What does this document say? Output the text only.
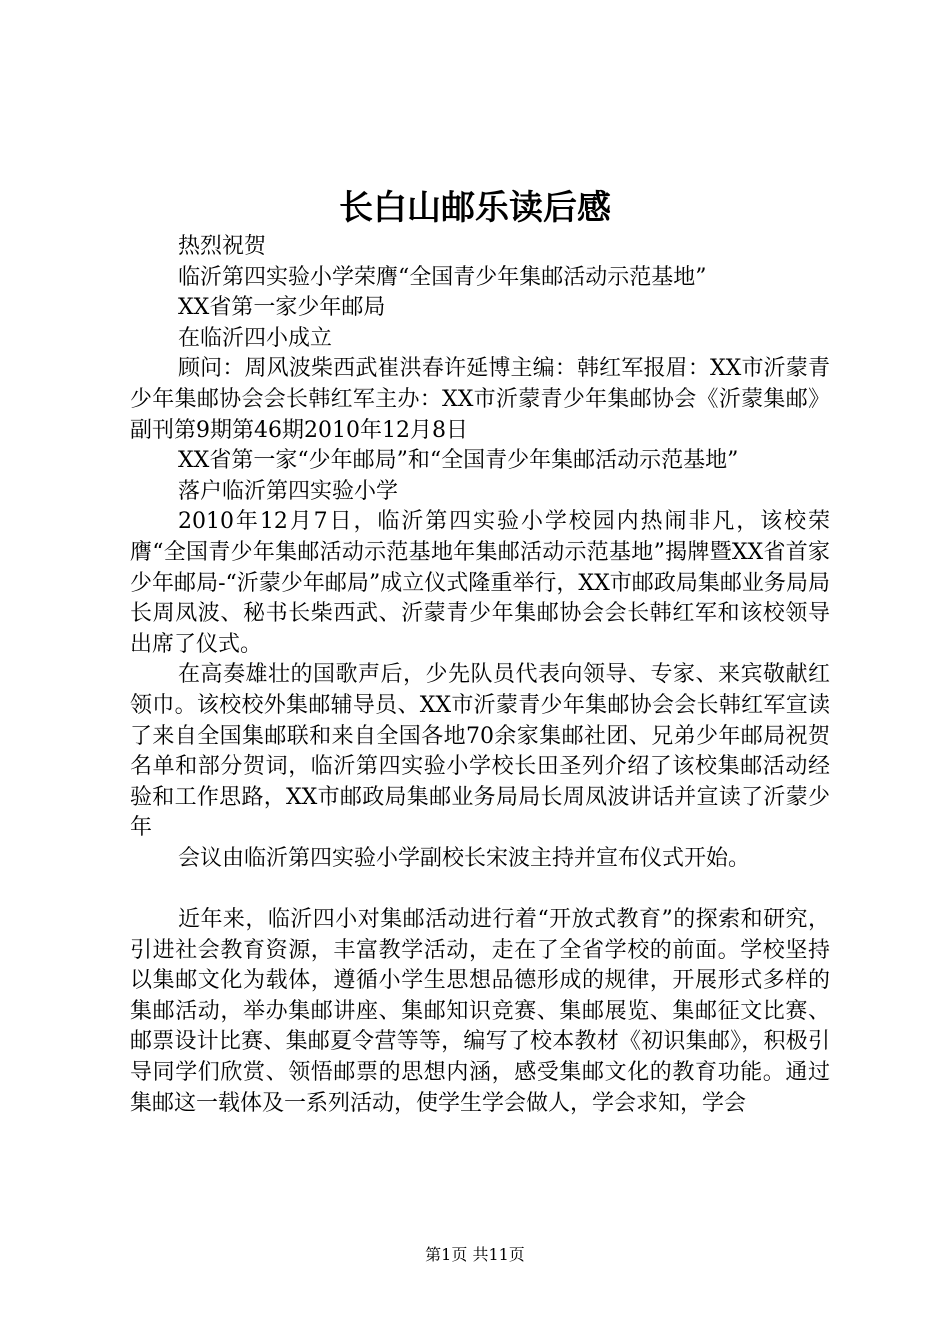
长白山邮乐读后感

热烈祝贺

临沂第四实验小学荣膺“全国青少年集邮活动示范基地”

XX省第一家少年邮局

在临沂四小成立

顾问：周风波柴西武崔洪春许延博主编：韩红军报眉：XX市沂蒙青少年集邮协会会长韩红军主办：XX市沂蒙青少年集邮协会《沂蒙集邮》副刊第9期第46期2010年12月8日

XX省第一家“少年邮局”和“全国青少年集邮活动示范基地”

落户临沂第四实验小学

2010年12月7日，临沂第四实验小学校园内热闹非凡，该校荣膺“全国青少年集邮活动示范基地年集邮活动示范基地”揭牌暨XX省首家少年邮局-“沂蒙少年邮局”成立仪式隆重举行，XX市邮政局集邮业务局局长周凤波、秘书长柴西武、沂蒙青少年集邮协会会长韩红军和该校领导出席了仪式。

在高奏雄壮的国歌声后，少先队员代表向领导、专家、来宾敬献红领巾。该校校外集邮辅导员、XX市沂蒙青少年集邮协会会长韩红军宣读了来自全国集邮联和来自全国各地70余家集邮社团、兄弟少年邮局祝贺名单和部分贺词，临沂第四实验小学校长田圣列介绍了该校集邮活动经验和工作思路，XX市邮政局集邮业务局局长周凤波讲话并宣读了沂蒙少年

会议由临沂第四实验小学副校长宋波主持并宣布仪式开始。

近年来，临沂四小对集邮活动进行着“开放式教育”的探索和研究，引进社会教育资源，丰富教学活动，走在了全省学校的前面。学校坚持以集邮文化为载体，遵循小学生思想品德形成的规律，开展形式多样的集邮活动，举办集邮讲座、集邮知识竞赛、集邮展览、集邮征文比赛、邮票设计比赛、集邮夏令营等等，编写了校本教材《初识集邮》，积极引导同学们欣赏、领悟邮票的思想内涵，感受集邮文化的教育功能。通过集邮这一载体及一系列活动，使学生学会做人，学会求知，学会

第1页 共11页
